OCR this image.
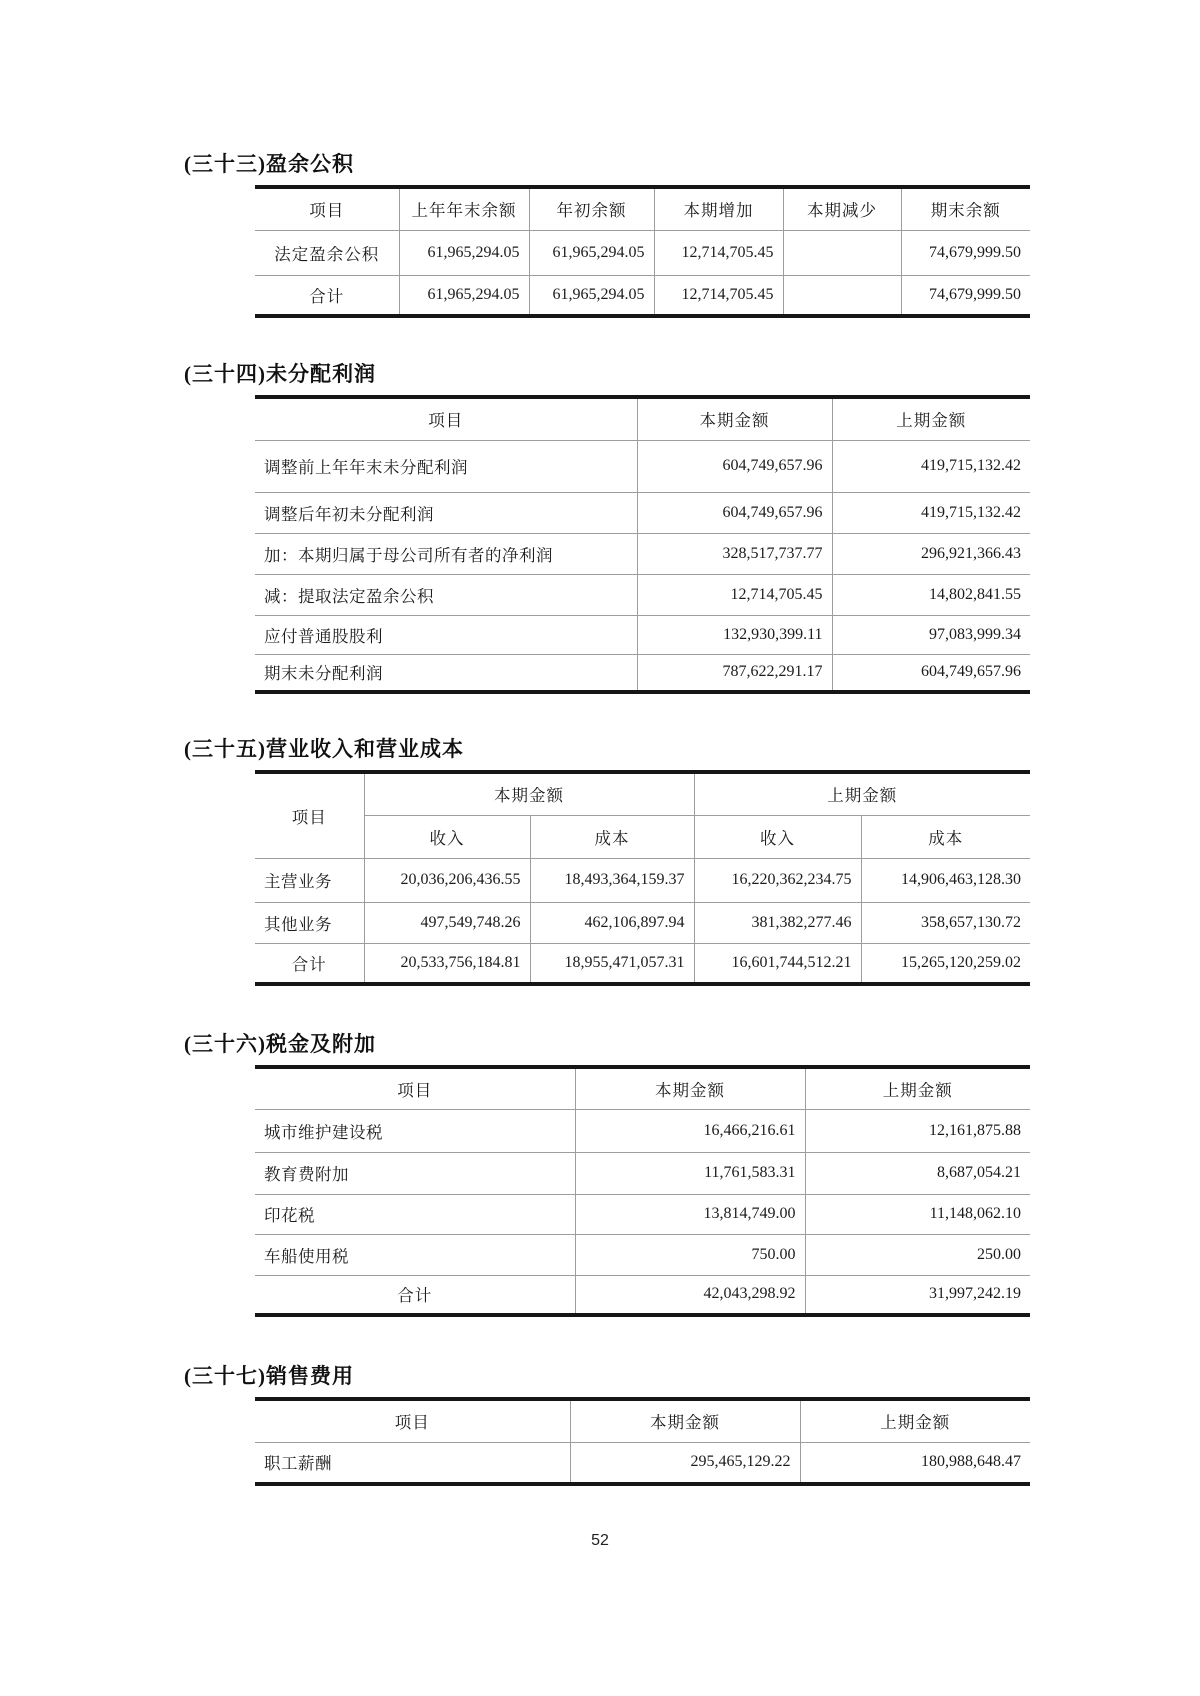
(三十三)盈余公积
项目	上年年末余额	年初余额	本期增加	本期减少	期末余额
法定盈余公积	61,965,294.05	61,965,294.05	12,714,705.45		74,679,999.50
合计	61,965,294.05	61,965,294.05	12,714,705.45		74,679,999.50
(三十四)未分配利润
项目	本期金额	上期金额
调整前上年年末未分配利润	604,749,657.96	419,715,132.42
调整后年初未分配利润	604,749,657.96	419,715,132.42
加：本期归属于母公司所有者的净利润	328,517,737.77	296,921,366.43
减：提取法定盈余公积	12,714,705.45	14,802,841.55
应付普通股股利	132,930,399.11	97,083,999.34
期末未分配利润	787,622,291.17	604,749,657.96
(三十五)营业收入和营业成本
项目	本期金额		上期金额	
	收入	成本	收入	成本
主营业务	20,036,206,436.55	18,493,364,159.37	16,220,362,234.75	14,906,463,128.30
其他业务	497,549,748.26	462,106,897.94	381,382,277.46	358,657,130.72
合计	20,533,756,184.81	18,955,471,057.31	16,601,744,512.21	15,265,120,259.02
(三十六)税金及附加
项目	本期金额	上期金额
城市维护建设税	16,466,216.61	12,161,875.88
教育费附加	11,761,583.31	8,687,054.21
印花税	13,814,749.00	11,148,062.10
车船使用税	750.00	250.00
合计	42,043,298.92	31,997,242.19
(三十七)销售费用
项目	本期金额	上期金额
职工薪酬	295,465,129.22	180,988,648.47
52
